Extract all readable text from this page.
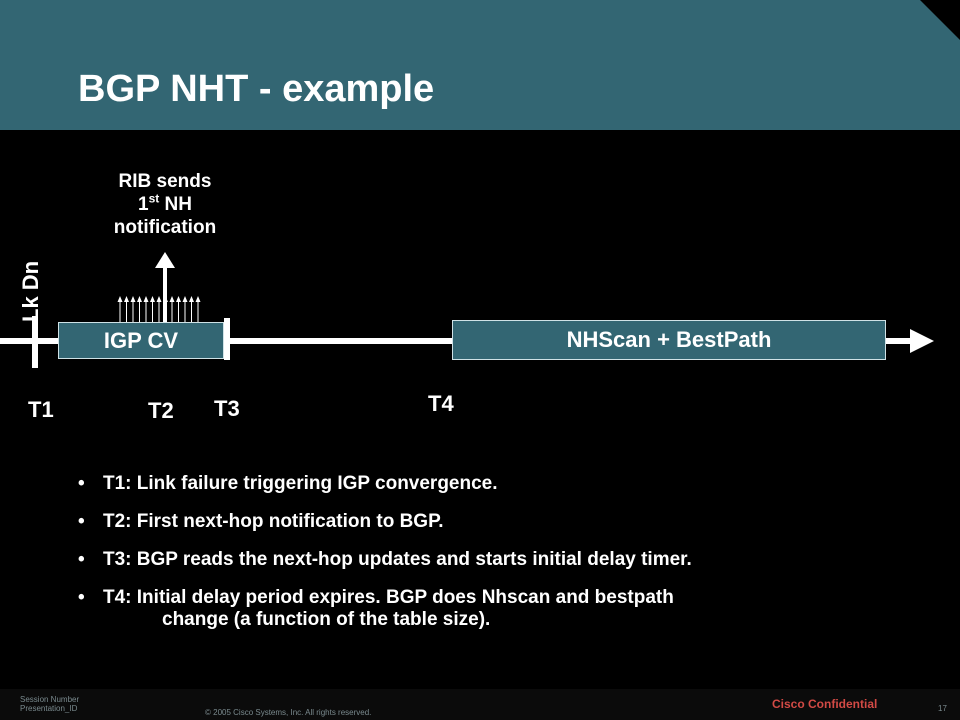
BGP NHT - example
RIB sends
1st NH
notification
IGP CV	NHScan + BestPath
Lk Dn
T1	T2 T3	T4
• T1: Link failure triggering IGP convergence.
• T2: First next-hop notification to BGP.
• T3: BGP reads the next-hop updates and starts initial delay timer.
• T4: Initial delay period expires. BGP does Nhscan and bestpath
change (a function of the table size).
Session Number
Presentation_ID	© 2005 Cisco Systems, Inc. All rights reserved.
Cisco Confidential	17
